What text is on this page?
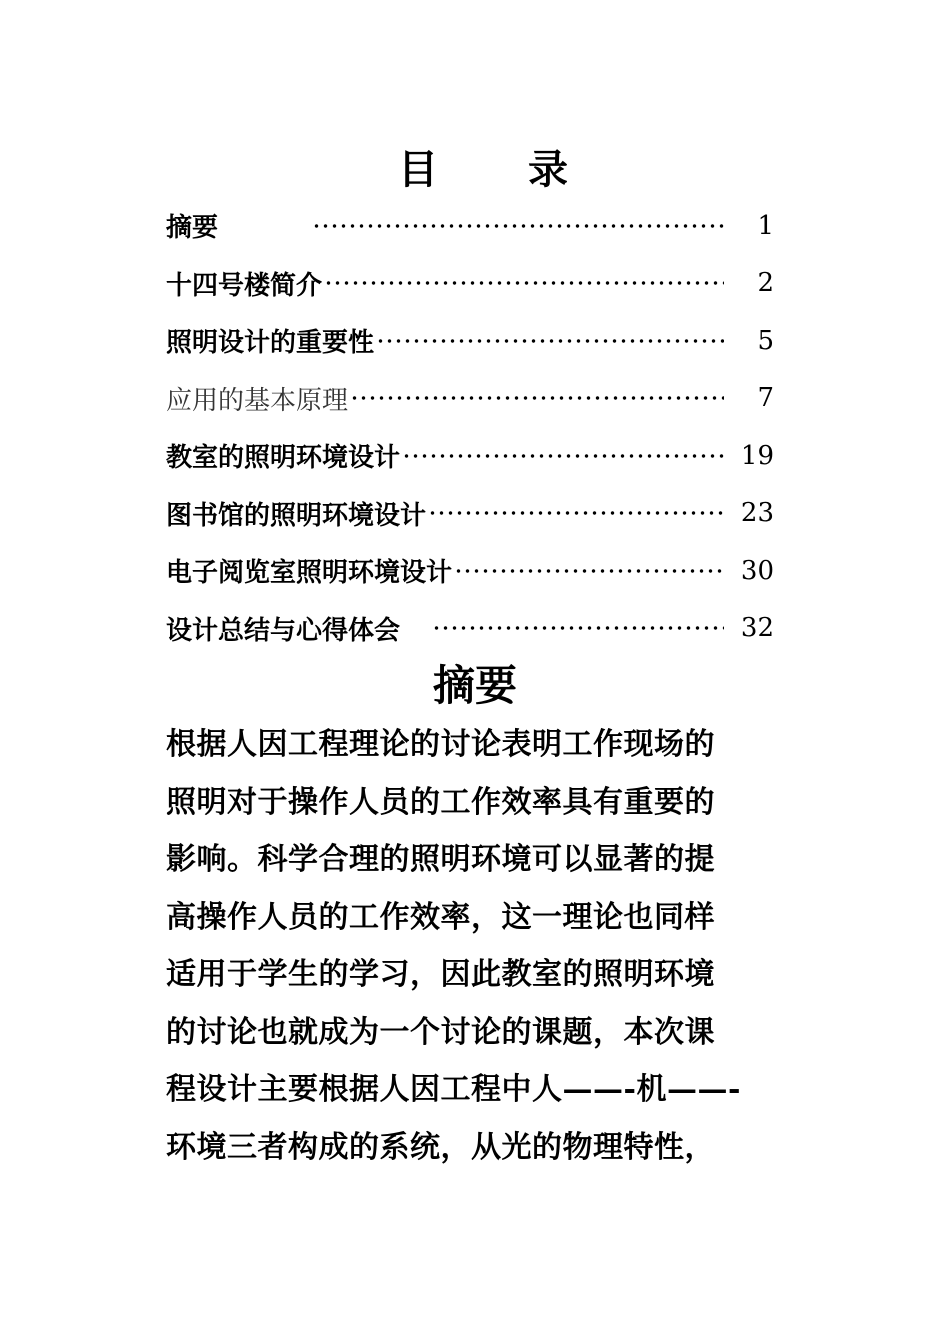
目 录
摘要	1
十四号楼简介	2
照明设计的重要性	5
应用的基本原理	7
教室的照明环境设计	19
图书馆的照明环境设计	23
电子阅览室照明环境设计	30
设计总结与心得体会	32
摘要
根据人因工程理论的讨论表明工作现场的
照明对于操作人员的工作效率具有重要的
影响。科学合理的照明环境可以显著的提
高操作人员的工作效率，这一理论也同样
适用于学生的学习，因此教室的照明环境
的讨论也就成为一个讨论的课题，本次课
程设计主要根据人因工程中人——-机——-
环境三者构成的系统，从光的物理特性，
